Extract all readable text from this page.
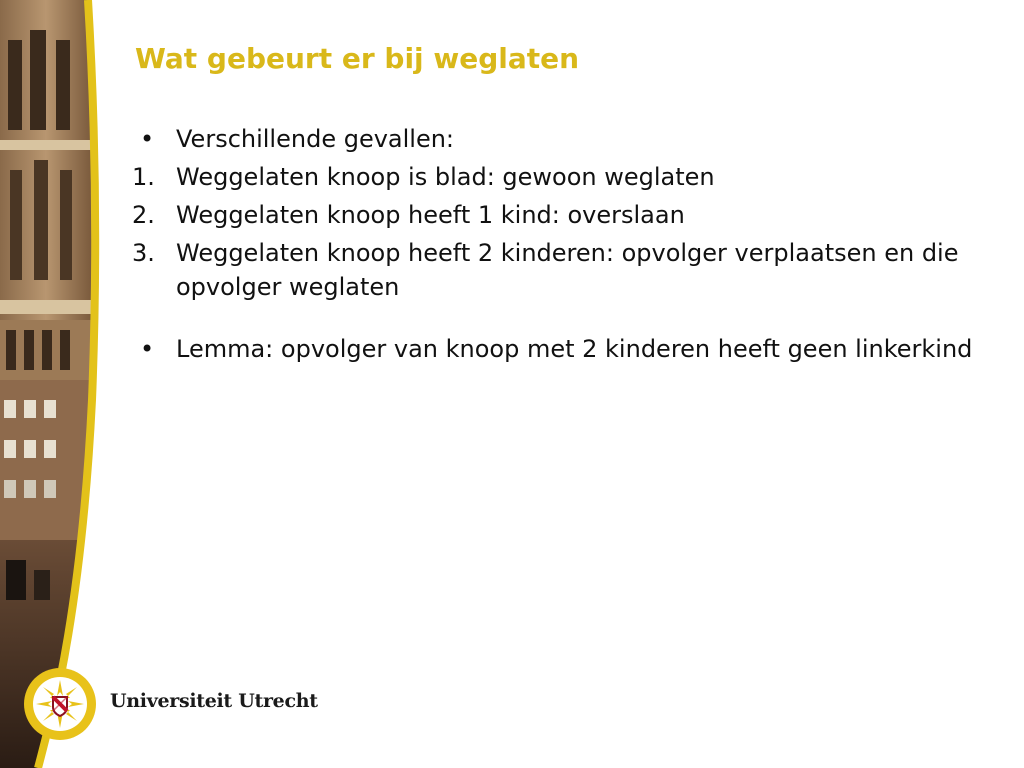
Wat gebeurt er bij weglaten
• Verschillende gevallen:
1. Weggelaten knoop is blad: gewoon weglaten
2. Weggelaten knoop heeft 1 kind: overslaan
3. Weggelaten knoop heeft 2 kinderen: opvolger verplaatsen en die opvolger weglaten
• Lemma: opvolger van knoop met 2 kinderen heeft geen linkerkind
Universiteit Utrecht
